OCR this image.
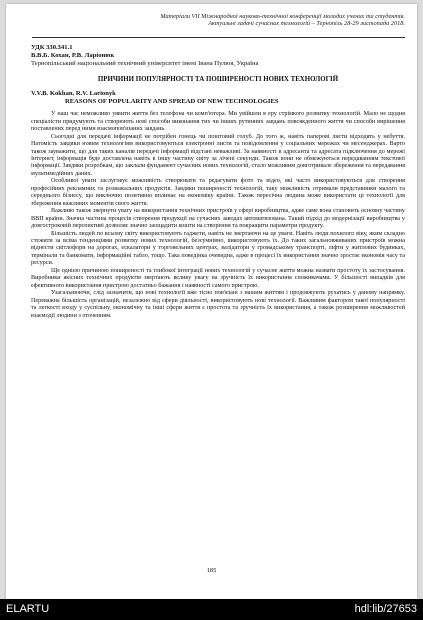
Матеріали VII Міжнародної науково-технічної конференції молодих учених та студентів.
Актуальні задачі сучасних технологій – Тернопіль 28-29 листопада 2018.
УДК 330.341.1
В.В.Б. Кохан, Р.В. Ларіонюк
Тернопільський національний технічний університет імені Івана Пулюя, Україна
ПРИЧИНИ ПОПУЛЯРНОСТІ ТА ПОШИРЕНОСТІ НОВИХ ТЕХНОЛОГІЙ
V.V.B. Kokhan, R.V. Larionyk
REASONS OF POPULARITY AND SPREAD OF NEW TECHNOLOGIES

У наш час неможливо уявити життя без телефона чи комп'ютера. Ми увійшли в еру стрімкого розвитку технологій. Мало не щодня спеціалісти придумують та створюють нові способи виконання тих чи інших рутинних завдань повсякденного життя чи способи вирішення поставлених перед ними взаємопов'язаних завдань.

Сьогодні для передачі інформації не потрібен гонець чи поштовий голуб. До того ж, навіть паперові листи відходять у небуття. Натомість завдяки новим технологіям використовуються електронні листи та повідомлення у соціальних мережах чи месенджерах. Варто також зауважити, що для таких каналів передачі інформації відстані неважливі. За наявності в адресанта та адресата підключення до мережі Інтернет, інформація буде доставлена навіть в іншу частину світу за лічені секунди. Також вони не обмежуються передаванням текстової інформації. Завдяки розробкам, що заклали фундамент сучасних нових технологій, стало можливим довготривале збереження та передавання мультимедійних даних.

Особливої уваги заслуговує можливість створювати та редагувати фото та відео, які часто використовуються для створення професійних рекламних та розважальних продуктів. Завдяки поширеності технологій, таку можливість отримали представники малого та середнього бізнесу, що виключно позитивно вплинає на економіку країни. Також пересічна людина може використати ці технології для збереження важливих моментів свого життя.

Важливо також звернути увагу на використання технічних пристроїв у сфері виробництва, адже саме вона становить основну частину ВВП країни. Значна частина процесів створення продукції на сучасних заводах автоматизована. Такий підхід до модернізації виробництва у довгостроковій перспективі дозволяє значно заощадити кошти на створення та покращити параметри продукту.

Більшість людей по всьому світу використовують гаджети, навіть не звертаючи на це уваги. Навіть люди похилого віку, яким складно стежити за всіма тенденціями розвитку нових технологій, безсумнівно, використовують їх. До таких загальновживаних пристроїв можна віднести світлофори на дорогах, ескалатори у торговельних центрах, валідатори у громадському транспорті, ліфти у житлових будинках, термінали та банкомати, інформаційні табло, тощо. Така поведінка очевидна, адже в процесі їх використання значно зростає економія часу та ресурси.

Ще однією причиною поширеності та глибокої інтеграції нових технологій у сучасне життя можна назвати простоту їх застосування. Виробники якісних технічних продуктів звертають велику увагу на зручність їх використання споживачами. У більшості випадків для ефективного використання пристрою достатньо бажання і наявності самого пристрою.

Узагальнюючи, слід зазначити, що нові технології вже тісно пов'язані з нашим життям і продовжують рухатись у даному напрямку. Переважна більшість організацій, незалежно від сфери діяльності, використовують нові технології. Важливим фактором такої популярності та легкості входу у суспільну, економічну та інші сфери життя є простота та зручність їх використання, а також розширення можливостей взаємодії людини з оточенням.

185
ELARTU	hdl:lib/27653
